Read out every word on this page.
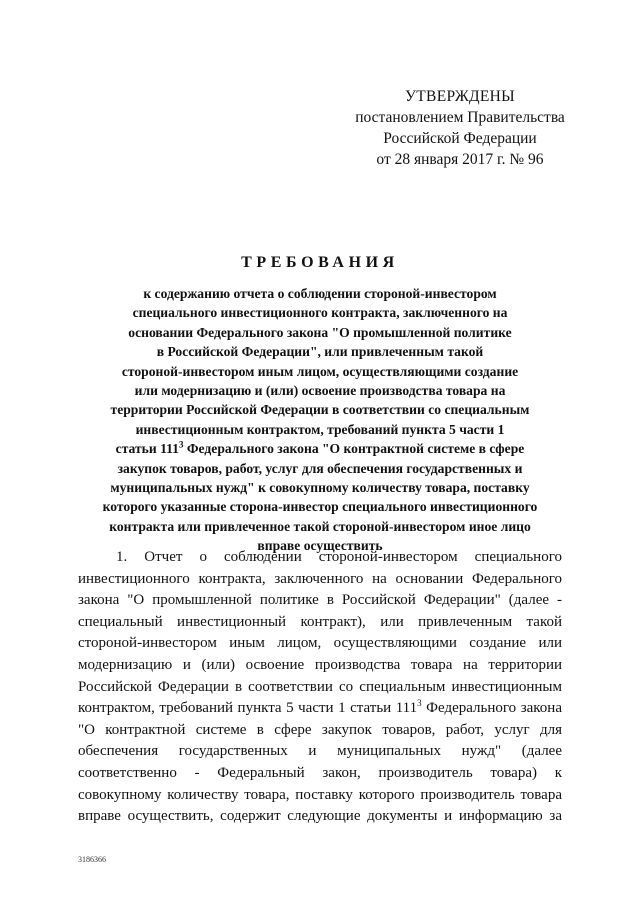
УТВЕРЖДЕНЫ
постановлением Правительства
Российской Федерации
от 28 января 2017 г. № 96
ТРЕБОВАНИЯ
к содержанию отчета о соблюдении стороной-инвестором
специального инвестиционного контракта, заключенного на
основании Федерального закона "О промышленной политике
в Российской Федерации", или привлеченным такой
стороной-инвестором иным лицом, осуществляющими создание
или модернизацию и (или) освоение производства товара на
территории Российской Федерации в соответствии со специальным
инвестиционным контрактом, требований пункта 5 части 1
статьи $111^3$ Федерального закона "О контрактной системе в сфере
закупок товаров, работ, услуг для обеспечения государственных и
муниципальных нужд" к совокупному количеству товара, поставку
которого указанные сторона-инвестор специального инвестиционного
контракта или привлеченное такой стороной-инвестором иное лицо
вправе осуществить
1. Отчет о соблюдении стороной-инвестором специального
инвестиционного контракта, заключенного на основании Федерального
закона "О промышленной политике в Российской Федерации" (далее -
специальный инвестиционный контракт), или привлеченным такой
стороной-инвестором иным лицом, осуществляющими создание или
модернизацию и (или) освоение производства товара на территории
Российской Федерации в соответствии со специальным инвестиционным
контрактом, требований пункта 5 части 1 статьи $111^3$ Федерального закона
"О контрактной системе в сфере закупок товаров, работ, услуг для
обеспечения государственных и муниципальных нужд" (далее
соответственно - Федеральный закон, производитель товара) к
совокупному количеству товара, поставку которого производитель товара
вправе осуществить, содержит следующие документы и информацию за
3186366
